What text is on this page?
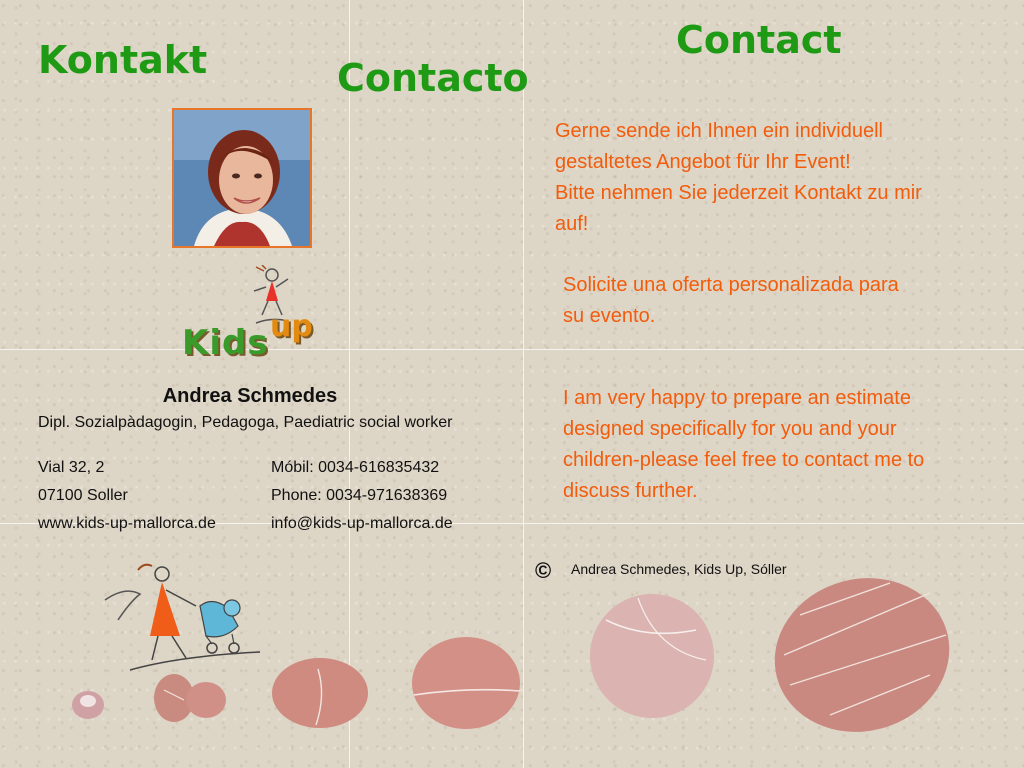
Kontakt	Contacto
Contact

Gerne sende ich Ihnen ein individuell
gestaltetes Angebot für Ihr Event!
Bitte nehmen Sie jederzeit Kontakt zu mir
auf!

Solicite una oferta personalizada para
su evento.

I am very happy to prepare an estimate
designed specifically for you and your
children-please feel free to contact me to
discuss further.

Kids up
Andrea Schmedes
Dipl. Sozialpàdagogin, Pedagoga, Paediatric social worker

Vial 32, 2
07100 Soller
www.kids-up-mallorca.de

Móbil: 0034-616835432
Phone: 0034-971638369
info@kids-up-mallorca.de

© Andrea Schmedes, Kids Up, Sóller
